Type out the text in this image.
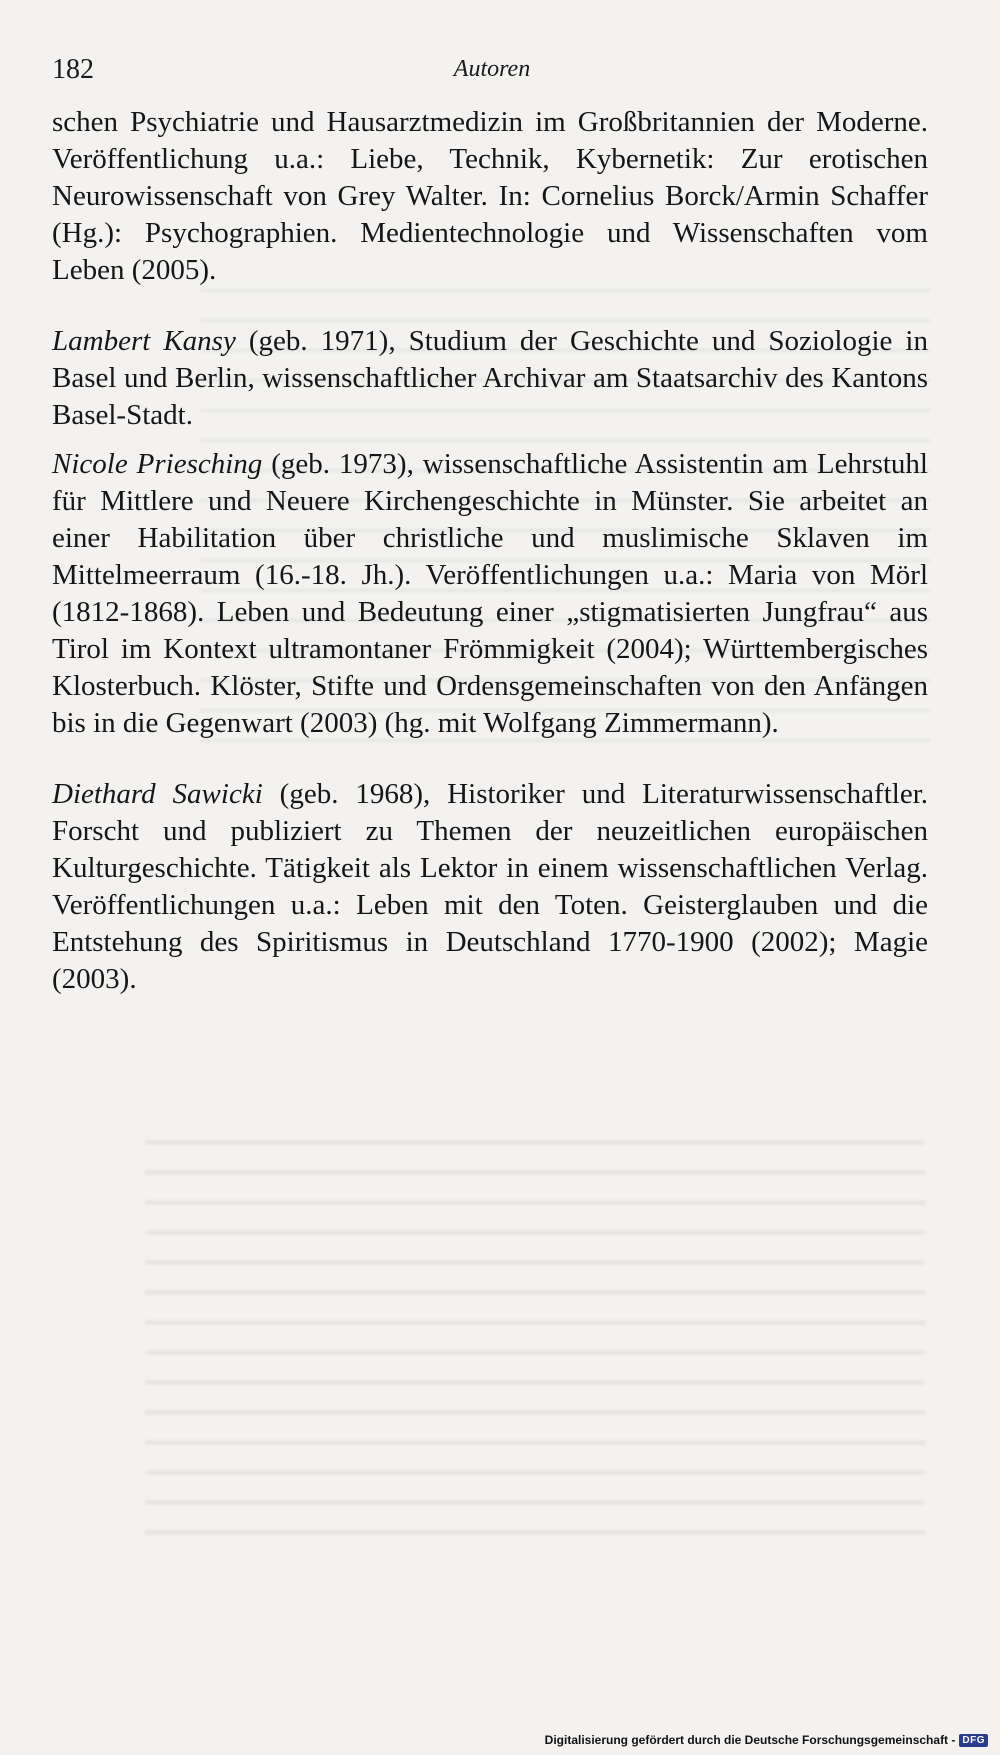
182	Autoren

schen Psychiatrie und Hausarztmedizin im Großbritannien der Moderne. Veröffentlichung u.a.: Liebe, Technik, Kybernetik: Zur erotischen Neurowissenschaft von Grey Walter. In: Cornelius Borck/Armin Schaffer (Hg.): Psychographien. Medientechnologie und Wissenschaften vom Leben (2005).

Lambert Kansy (geb. 1971), Studium der Geschichte und Soziologie in Basel und Berlin, wissenschaftlicher Archivar am Staatsarchiv des Kantons Basel-Stadt.

Nicole Priesching (geb. 1973), wissenschaftliche Assistentin am Lehrstuhl für Mittlere und Neuere Kirchengeschichte in Münster. Sie arbeitet an einer Habilitation über christliche und muslimische Sklaven im Mittelmeerraum (16.-18. Jh.). Veröffentlichungen u.a.: Maria von Mörl (1812-1868). Leben und Bedeutung einer „stigmatisierten Jungfrau“ aus Tirol im Kontext ultramontaner Frömmigkeit (2004); Württembergisches Klosterbuch. Klöster, Stifte und Ordensgemeinschaften von den Anfängen bis in die Gegenwart (2003) (hg. mit Wolfgang Zimmermann).

Diethard Sawicki (geb. 1968), Historiker und Literaturwissenschaftler. Forscht und publiziert zu Themen der neuzeitlichen europäischen Kulturgeschichte. Tätigkeit als Lektor in einem wissenschaftlichen Verlag. Veröffentlichungen u.a.: Leben mit den Toten. Geisterglauben und die Entstehung des Spiritismus in Deutschland 1770-1900 (2002); Magie (2003).

Digitalisierung gefördert durch die Deutsche Forschungsgemeinschaft - DFG
